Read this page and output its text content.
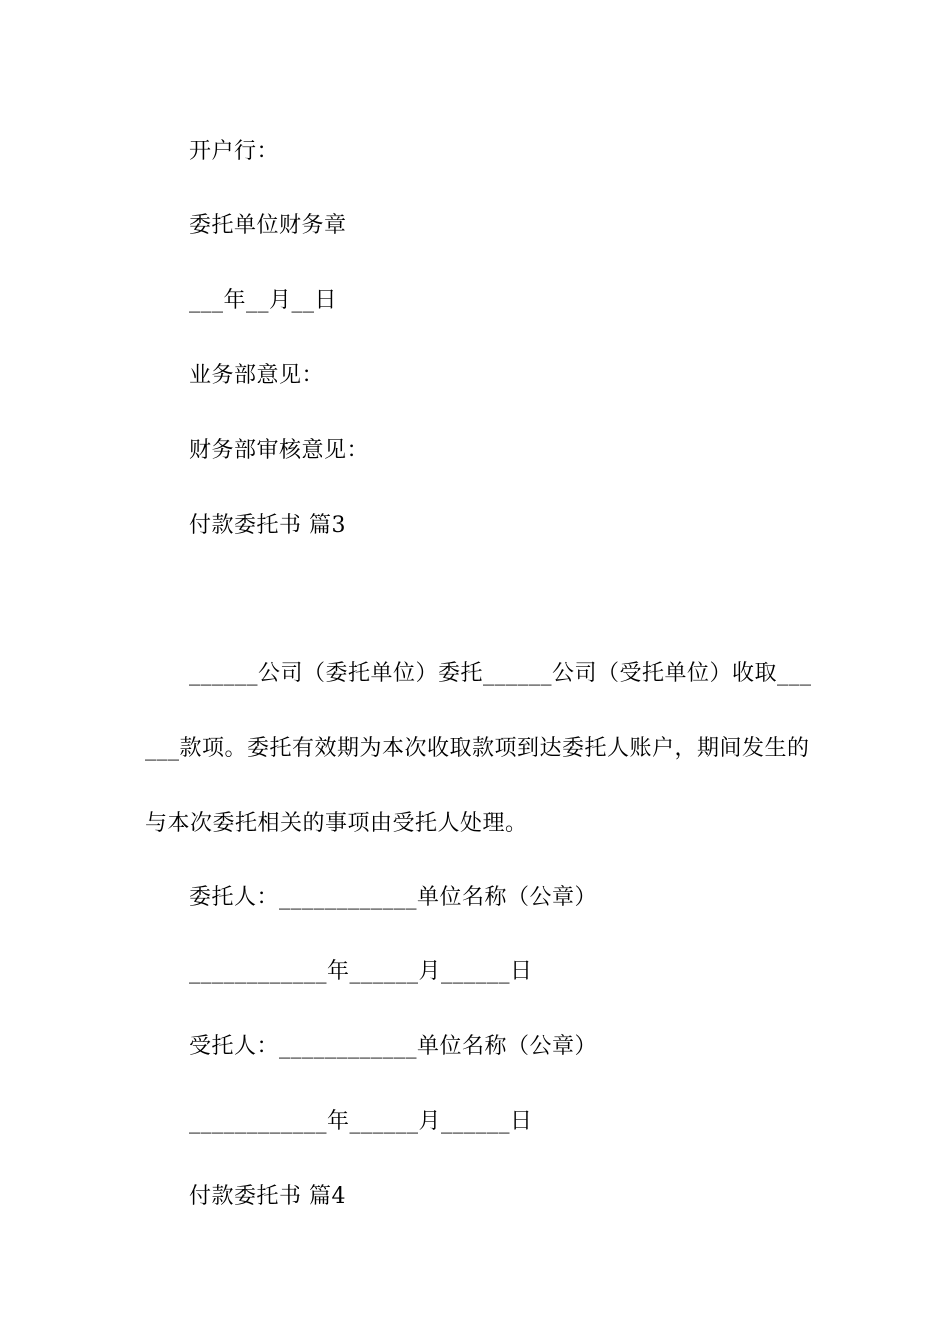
开户行：
委托单位财务章
___年__月__日
业务部意见：
财务部审核意见：
付款委托书 篇3
______公司（委托单位）委托______公司（受托单位）收取___
___款项。委托有效期为本次收取款项到达委托人账户，期间发生的
与本次委托相关的事项由受托人处理。
委托人：____________单位名称（公章）
____________年______月______日
受托人：____________单位名称（公章）
____________年______月______日
付款委托书 篇4
